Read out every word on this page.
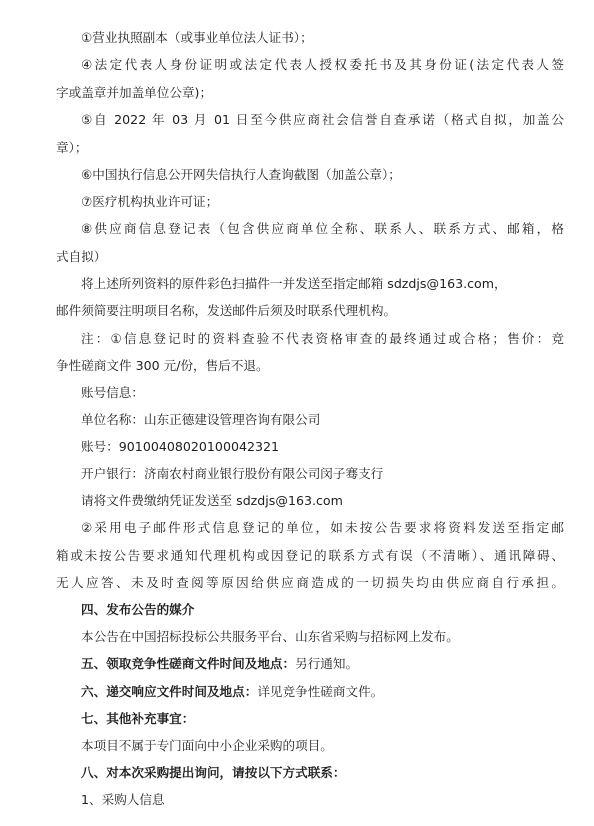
①营业执照副本（或事业单位法人证书）；
④法定代表人身份证明或法定代表人授权委托书及其身份证(法定代表人签
字或盖章并加盖单位公章)；
⑤自 2022 年 03 月 01 日至今供应商社会信誉自查承诺（格式自拟，加盖公
章）；
⑥中国执行信息公开网失信执行人查询截图（加盖公章）；
⑦医疗机构执业许可证；
⑧供应商信息登记表（包含供应商单位全称、联系人、联系方式、邮箱，格
式自拟）
将上述所列资料的原件彩色扫描件一并发送至指定邮箱 sdzdjs@163.com，
邮件须简要注明项目名称，发送邮件后须及时联系代理机构。
注：①信息登记时的资料查验不代表资格审查的最终通过或合格；售价：竞
争性磋商文件 300 元/份，售后不退。
账号信息：
单位名称：山东正德建设管理咨询有限公司
账号：9010040802010004232​1
开户银行：济南农村商业银行股份有限公司闵子骞支行
请将文件费缴纳凭证发送至 sdzdjs@163.com
②采用电子邮件形式信息登记的单位，如未按公告要求将资料发送至指定邮
箱或未按公告要求通知代理机构或因登记的联系方式有误（不清晰）、通讯障碍、
无人应答、未及时查阅等原因给供应商造成的一切损失均由供应商自行承担。
四、发布公告的媒介
本公告在中国招标投标公共服务平台、山东省采购与招标网上发布。
五、领取竞争性磋商文件时间及地点：另行通知。
六、递交响应文件时间及地点：详见竞争性磋商文件。
七、其他补充事宜：
本项目不属于专门面向中小企业采购的项目。
八、对本次采购提出询问，请按以下方式联系：
1、采购人信息
